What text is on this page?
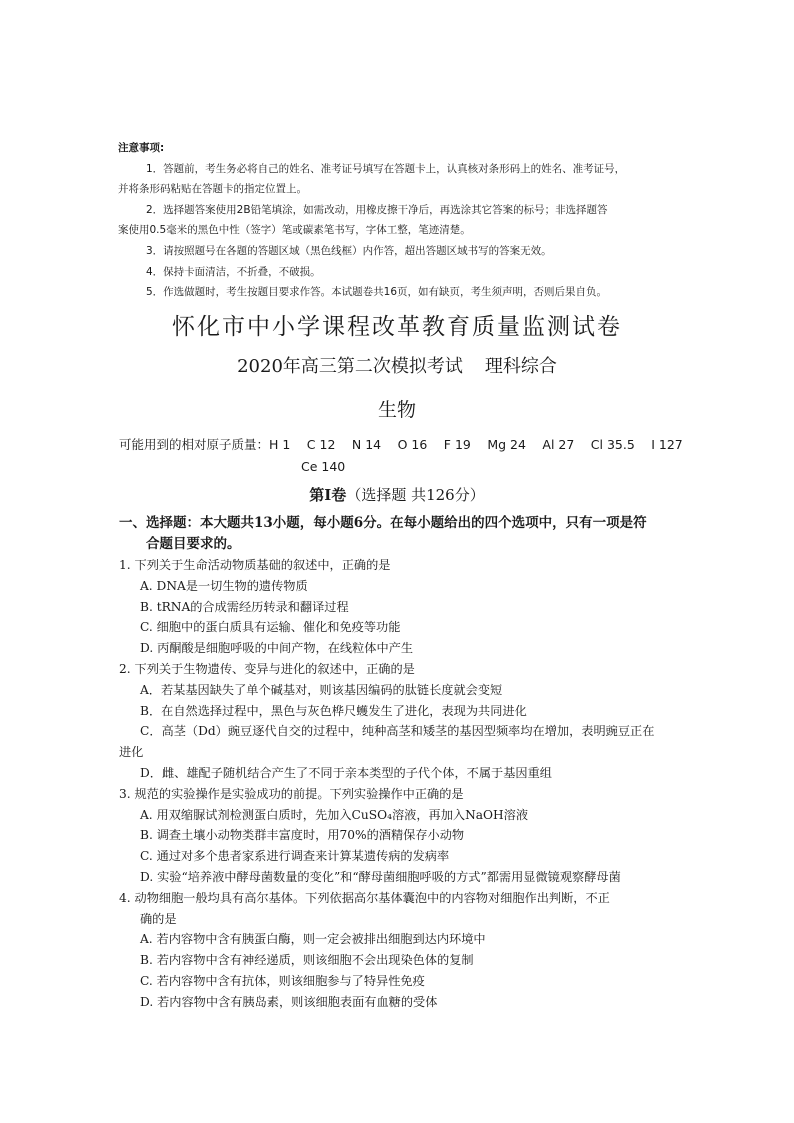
注意事项:
1．答题前，考生务必将自己的姓名、准考证号填写在答题卡上，认真核对条形码上的姓名、准考证号，
并将条形码粘贴在答题卡的指定位置上。
2．选择题答案使用2B铅笔填涂，如需改动，用橡皮擦干净后，再选涂其它答案的标号；非选择题答
案使用0.5毫米的黑色中性（签字）笔或碳素笔书写，字体工整，笔迹清楚。
3．请按照题号在各题的答题区域（黑色线框）内作答，超出答题区域书写的答案无效。
4．保持卡面清洁，不折叠，不破损。
5．作选做题时，考生按题目要求作答。本试题卷共16页，如有缺页，考生须声明，否则后果自负。
怀化市中小学课程改革教育质量监测试卷
2020年高三第二次模拟考试 理科综合
生物
可能用到的相对原子质量：H 1　 C 12 　N 14　 O 16　 F 19　 Mg 24　 Al 27　 Cl 35.5　 I 127
Ce 140
第Ⅰ卷（选择题 共126分）
一、选择题：本大题共13小题，每小题6分。在每小题给出的四个选项中，只有一项是符
合题目要求的。
1. 下列关于生命活动物质基础的叙述中，正确的是
A. DNA是一切生物的遗传物质
B. tRNA的合成需经历转录和翻译过程
C. 细胞中的蛋白质具有运输、催化和免疫等功能
D. 丙酮酸是细胞呼吸的中间产物，在线粒体中产生
2. 下列关于生物遗传、变异与进化的叙述中，正确的是
A．若某基因缺失了单个碱基对，则该基因编码的肽链长度就会变短
B．在自然选择过程中，黑色与灰色桦尺蠖发生了进化，表现为共同进化
C．高茎（Dd）豌豆逐代自交的过程中，纯种高茎和矮茎的基因型频率均在增加，表明豌豆正在
进化
D．雌、雄配子随机结合产生了不同于亲本类型的子代个体，不属于基因重组
3. 规范的实验操作是实验成功的前提。下列实验操作中正确的是
A. 用双缩脲试剂检测蛋白质时，先加入CuSO₄溶液，再加入NaOH溶液
B. 调查土壤小动物类群丰富度时，用70%的酒精保存小动物
C. 通过对多个患者家系进行调查来计算某遗传病的发病率
D. 实验“培养液中酵母菌数量的变化”和“酵母菌细胞呼吸的方式”都需用显微镜观察酵母菌
4. 动物细胞一般均具有高尔基体。下列依据高尔基体囊泡中的内容物对细胞作出判断，不正
确的是
A. 若内容物中含有胰蛋白酶，则一定会被排出细胞到达内环境中
B. 若内容物中含有神经递质，则该细胞不会出现染色体的复制
C. 若内容物中含有抗体，则该细胞参与了特异性免疫
D. 若内容物中含有胰岛素，则该细胞表面有血糖的受体
